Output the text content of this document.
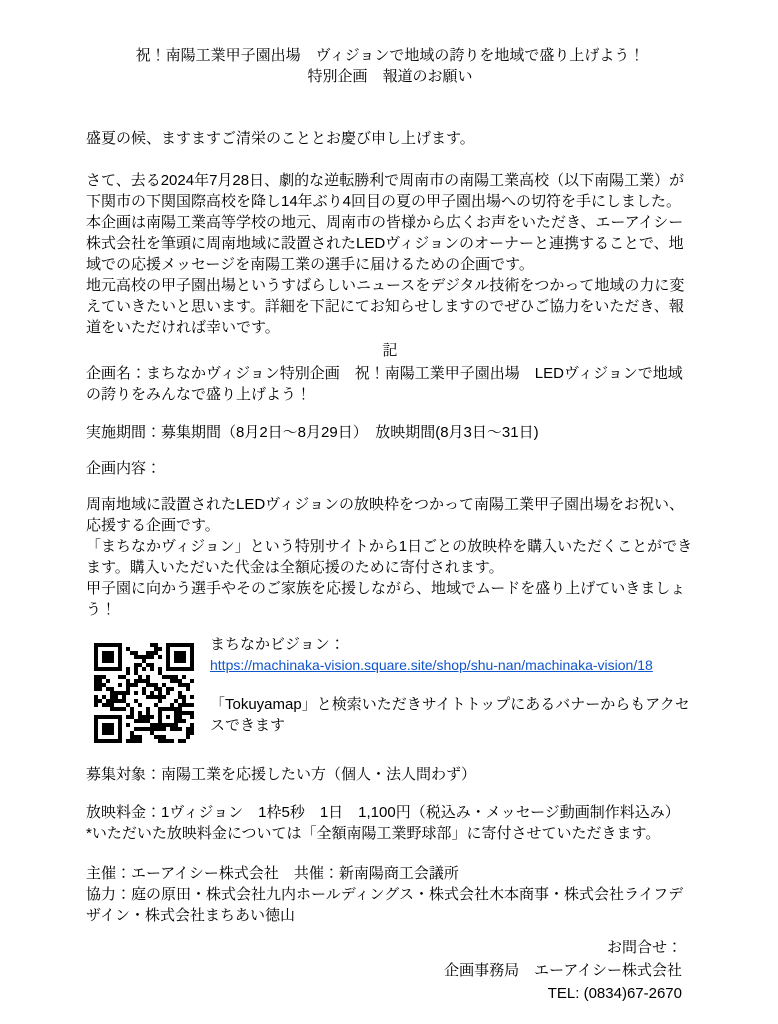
祝！南陽工業甲子園出場　ヴィジョンで地域の誇りを地域で盛り上げよう！
特別企画　報道のお願い

盛夏の候、ますますご清栄のこととお慶び申し上げます。

さて、去る2024年7月28日、劇的な逆転勝利で周南市の南陽工業高校（以下南陽工業）が下関市の下関国際高校を降し14年ぶり4回目の夏の甲子園出場への切符を手にしました。

本企画は南陽工業高等学校の地元、周南市の皆様から広くお声をいただき、エーアイシー株式会社を筆頭に周南地域に設置されたLEDヴィジョンのオーナーと連携することで、地域での応援メッセージを南陽工業の選手に届けるための企画です。

地元高校の甲子園出場というすばらしいニュースをデジタル技術をつかって地域の力に変えていきたいと思います。詳細を下記にてお知らせしますのでぜひご協力をいただき、報道をいただければ幸いです。

記

企画名：まちなかヴィジョン特別企画　祝！南陽工業甲子園出場　LEDヴィジョンで地域の誇りをみんなで盛り上げよう！

実施期間：募集期間（8月2日～8月29日）　放映期間(8月3日～31日)

企画内容：

周南地域に設置されたLEDヴィジョンの放映枠をつかって南陽工業甲子園出場をお祝い、応援する企画です。

「まちなかヴィジョン」という特別サイトから1日ごとの放映枠を購入いただくことができます。購入いただいた代金は全額応援のために寄付されます。

甲子園に向かう選手やそのご家族を応援しながら、地域でムードを盛り上げていきましょう！

まちなかビジョン：

https://machinaka-vision.square.site/shop/shu-nan/machinaka-vision/18

「Tokuyamap」と検索いただきサイトトップにあるバナーからもアクセスできます

募集対象：南陽工業を応援したい方（個人・法人問わず）

放映料金：1ヴィジョン　1枠5秒　1日　1,100円（税込み・メッセージ動画制作料込み）

*いただいた放映料金については「全額南陽工業野球部」に寄付させていただきます。

主催：エーアイシー株式会社　共催：新南陽商工会議所

協力：庭の原田・株式会社九内ホールディングス・株式会社木本商事・株式会社ライフデザイン・株式会社まちあい徳山

お問合せ：

企画事務局　エーアイシー株式会社

TEL: (0834)67-2670
